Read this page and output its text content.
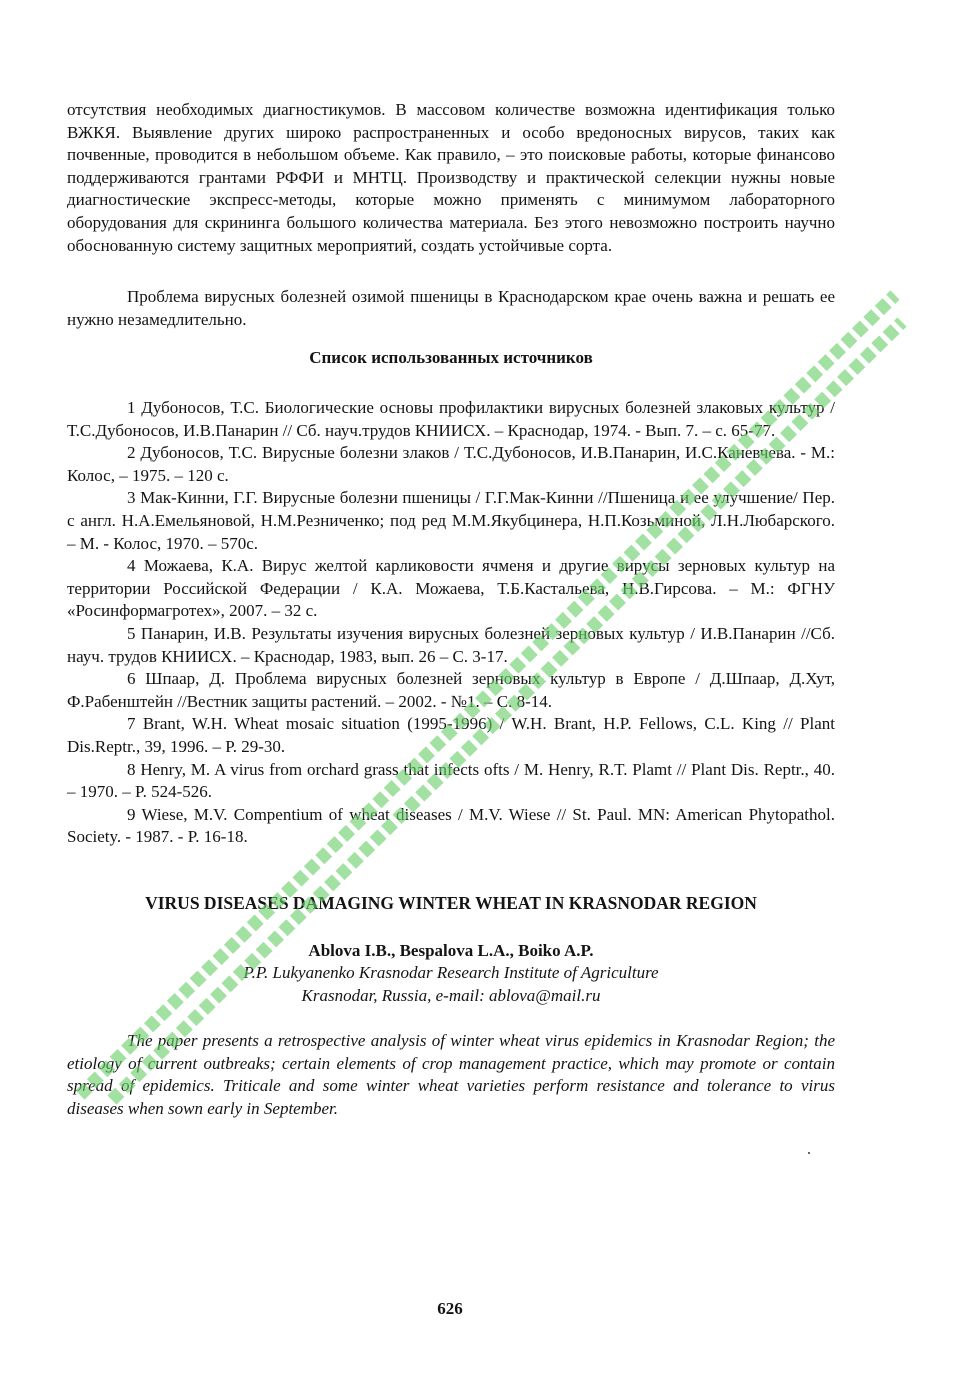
отсутствия необходимых диагностикумов. В массовом количестве возможна идентификация только ВЖКЯ. Выявление других широко распространенных и особо вредоносных вирусов, таких как почвенные, проводится в небольшом объеме. Как правило, – это поисковые работы, которые финансово поддерживаются грантами РФФИ и МНТЦ. Производству и практической селекции нужны новые диагностические экспресс-методы, которые можно применять с минимумом лабораторного оборудования для скрининга большого количества материала. Без этого невозможно построить научно обоснованную систему защитных мероприятий, создать устойчивые сорта.

Проблема вирусных болезней озимой пшеницы в Краснодарском крае очень важна и решать ее нужно незамедлительно.

Список использованных источников
1 Дубоносов, Т.С. Биологические основы профилактики вирусных болезней злаковых культур / Т.С.Дубоносов, И.В.Панарин // Сб. науч.трудов КНИИСХ. – Краснодар, 1974. - Вып. 7. – с. 65-77.
2 Дубоносов, Т.С. Вирусные болезни злаков / Т.С.Дубоносов, И.В.Панарин, И.С.Каневчева. - М.: Колос, – 1975. – 120 с.
3 Мак-Кинни, Г.Г. Вирусные болезни пшеницы / Г.Г.Мак-Кинни //Пшеница и ее улучшение/ Пер. с англ. Н.А.Емельяновой, Н.М.Резниченко; под ред М.М.Якубцинера, Н.П.Козьминой, Л.Н.Любарского. – М. - Колос, 1970. – 570с.
4 Можаева, К.А. Вирус желтой карликовости ячменя и другие вирусы зерновых культур на территории Российской Федерации / К.А. Можаева, Т.Б.Кастальева, Н.В.Гирсова. – М.: ФГНУ «Росинформагротех», 2007. – 32 с.
5 Панарин, И.В. Результаты изучения вирусных болезней зерновых культур / И.В.Панарин //Сб. науч. трудов КНИИСХ. – Краснодар, 1983, вып. 26 – С. 3-17.
6 Шпаар, Д. Проблема вирусных болезней зерновых культур в Европе / Д.Шпаар, Д.Хут, Ф.Рабенштейн //Вестник защиты растений. – 2002. - №1. – С. 8-14.
7 Brant, W.H. Wheat mosaic situation (1995-1996) / W.H. Brant, H.P. Fellows, C.L. King // Plant Dis.Reptr., 39, 1996. – P. 29-30.
8 Henry, M. A virus from orchard grass that infects ofts / M. Henry, R.T. Plamt // Plant Dis. Reptr., 40. – 1970. – P. 524-526.
9 Wiese, M.V. Compentium of wheat diseases / M.V. Wiese // St. Paul. MN: American Phytopathol. Society. - 1987. - P. 16-18.
VIRUS DISEASES DAMAGING WINTER WHEAT IN KRASNODAR REGION

Ablova I.B., Bespalova L.A., Boiko A.P.

P.P. Lukyanenko Krasnodar Research Institute of Agriculture

Krasnodar, Russia, e-mail: ablova@mail.ru

The paper presents a retrospective analysis of winter wheat virus epidemics in Krasnodar Region; the etiology of current outbreaks; certain elements of crop management practice, which may promote or contain spread of epidemics. Triticale and some winter wheat varieties perform resistance and tolerance to virus diseases when sown early in September.

626
